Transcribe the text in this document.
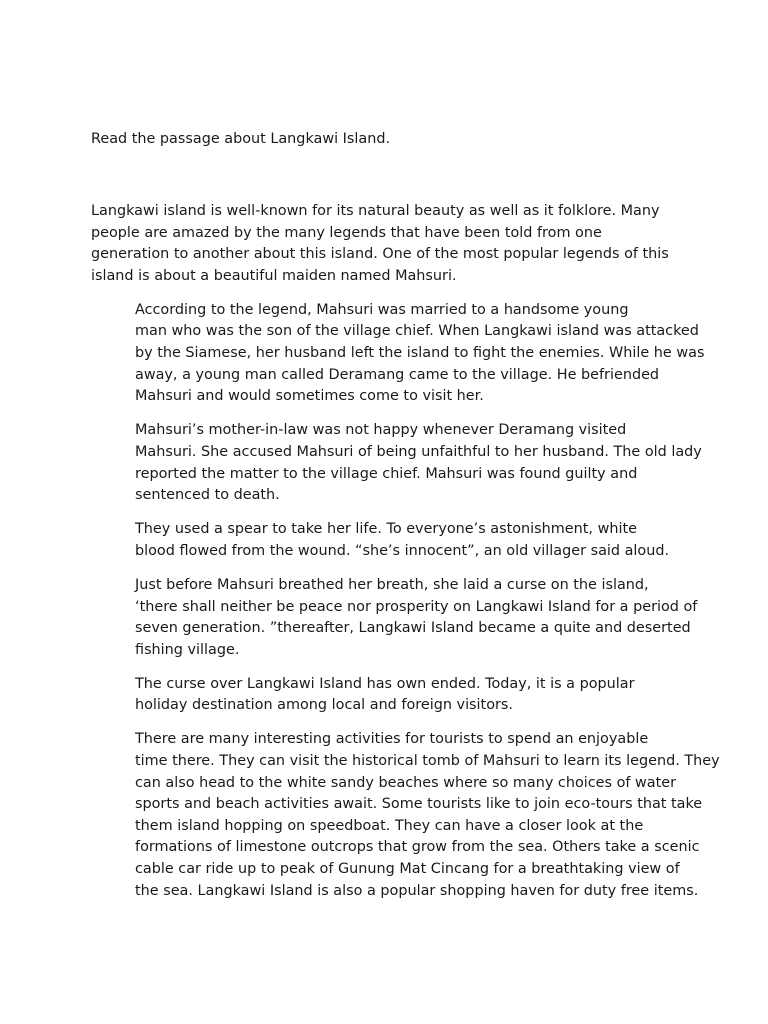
Read the passage about Langkawi Island.

Langkawi island is well-known for its natural beauty as well as it folklore. Many
people are amazed by the many legends that have been told from one
generation to another about this island. One of the most popular legends of this
island is about a beautiful maiden named Mahsuri.

According to the legend, Mahsuri was married to a handsome young
man who was the son of the village chief. When Langkawi island was attacked
by the Siamese, her husband left the island to fight the enemies. While he was
away, a young man called Deramang came to the village. He befriended
Mahsuri and would sometimes come to visit her.

Mahsuri’s mother-in-law was not happy whenever Deramang visited
Mahsuri. She accused Mahsuri of being unfaithful to her husband. The old lady
reported the matter to the village chief. Mahsuri was found guilty and
sentenced to death.

They used a spear to take her life. To everyone’s astonishment, white
blood flowed from the wound. “she’s innocent”, an old villager said aloud.

Just before Mahsuri breathed her breath, she laid a curse on the island,
‘there shall neither be peace nor prosperity on Langkawi Island for a period of
seven generation. ”thereafter, Langkawi Island became a quite and deserted
fishing village.

The curse over Langkawi Island has own ended. Today, it is a popular
holiday destination among local and foreign visitors.

There are many interesting activities for tourists to spend an enjoyable
time there. They can visit the historical tomb of Mahsuri to learn its legend. They
can also head to the white sandy beaches where so many choices of water
sports and beach activities await. Some tourists like to join eco-tours that take
them island hopping on speedboat. They can have a closer look at the
formations of limestone outcrops that grow from the sea. Others take a scenic
cable car ride up to peak of Gunung Mat Cincang for a breathtaking view of
the sea. Langkawi Island is also a popular shopping haven for duty free items.
